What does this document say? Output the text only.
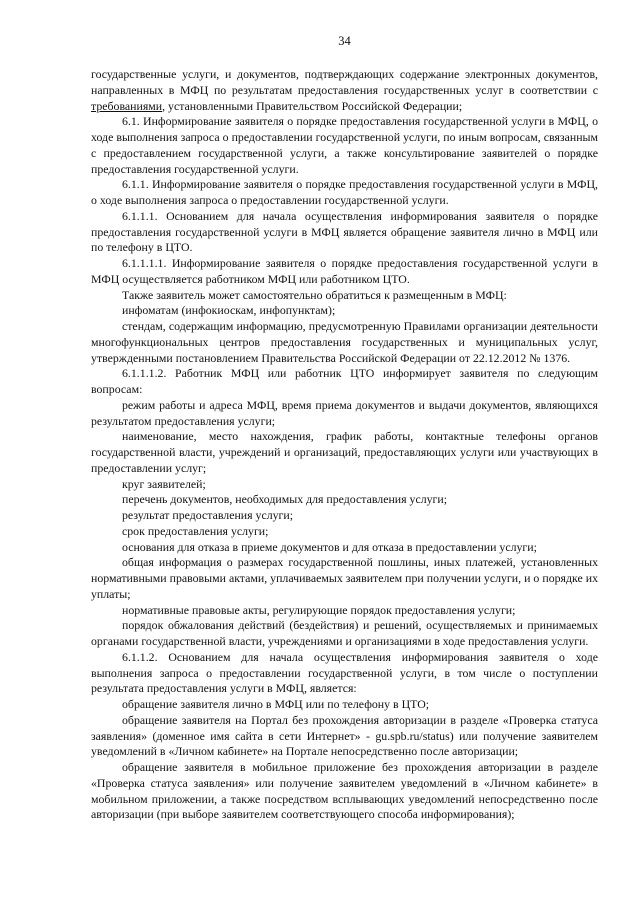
34

государственные услуги, и документов, подтверждающих содержание электронных документов, направленных в МФЦ по результатам предоставления государственных услуг в соответствии с требованиями, установленными Правительством Российской Федерации;

6.1. Информирование заявителя о порядке предоставления государственной услуги в МФЦ, о ходе выполнения запроса о предоставлении государственной услуги, по иным вопросам, связанным с предоставлением государственной услуги, а также консультирование заявителей о порядке предоставления государственной услуги.

6.1.1. Информирование заявителя о порядке предоставления государственной услуги в МФЦ, о ходе выполнения запроса о предоставлении государственной услуги.

6.1.1.1. Основанием для начала осуществления информирования заявителя о порядке предоставления государственной услуги в МФЦ является обращение заявителя лично в МФЦ или по телефону в ЦТО.

6.1.1.1.1. Информирование заявителя о порядке предоставления государственной услуги в МФЦ осуществляется работником МФЦ или работником ЦТО.

Также заявитель может самостоятельно обратиться к размещенным в МФЦ:

инфоматам (инфокиоскам, инфопунктам);

стендам, содержащим информацию, предусмотренную Правилами организации деятельности многофункциональных центров предоставления государственных и муниципальных услуг, утвержденными постановлением Правительства Российской Федерации от 22.12.2012 № 1376.

6.1.1.1.2. Работник МФЦ или работник ЦТО информирует заявителя по следующим вопросам:

режим работы и адреса МФЦ, время приема документов и выдачи документов, являющихся результатом предоставления услуги;

наименование, место нахождения, график работы, контактные телефоны органов государственной власти, учреждений и организаций, предоставляющих услуги или участвующих в предоставлении услуг;

круг заявителей;

перечень документов, необходимых для предоставления услуги;

результат предоставления услуги;

срок предоставления услуги;

основания для отказа в приеме документов и для отказа в предоставлении услуги;

общая информация о размерах государственной пошлины, иных платежей, установленных нормативными правовыми актами, уплачиваемых заявителем при получении услуги, и о порядке их уплаты;

нормативные правовые акты, регулирующие порядок предоставления услуги;

порядок обжалования действий (бездействия) и решений, осуществляемых и принимаемых органами государственной власти, учреждениями и организациями в ходе предоставления услуги.

6.1.1.2. Основанием для начала осуществления информирования заявителя о ходе выполнения запроса о предоставлении государственной услуги, в том числе о поступлении результата предоставления услуги в МФЦ, является:

обращение заявителя лично в МФЦ или по телефону в ЦТО;

обращение заявителя на Портал без прохождения авторизации в разделе «Проверка статуса заявления» (доменное имя сайта в сети Интернет» - gu.spb.ru/status) или получение заявителем уведомлений в «Личном кабинете» на Портале непосредственно после авторизации;

обращение заявителя в мобильное приложение без прохождения авторизации в разделе «Проверка статуса заявления» или получение заявителем уведомлений в «Личном кабинете» в мобильном приложении, а также посредством всплывающих уведомлений непосредственно после авторизации (при выборе заявителем соответствующего способа информирования);
